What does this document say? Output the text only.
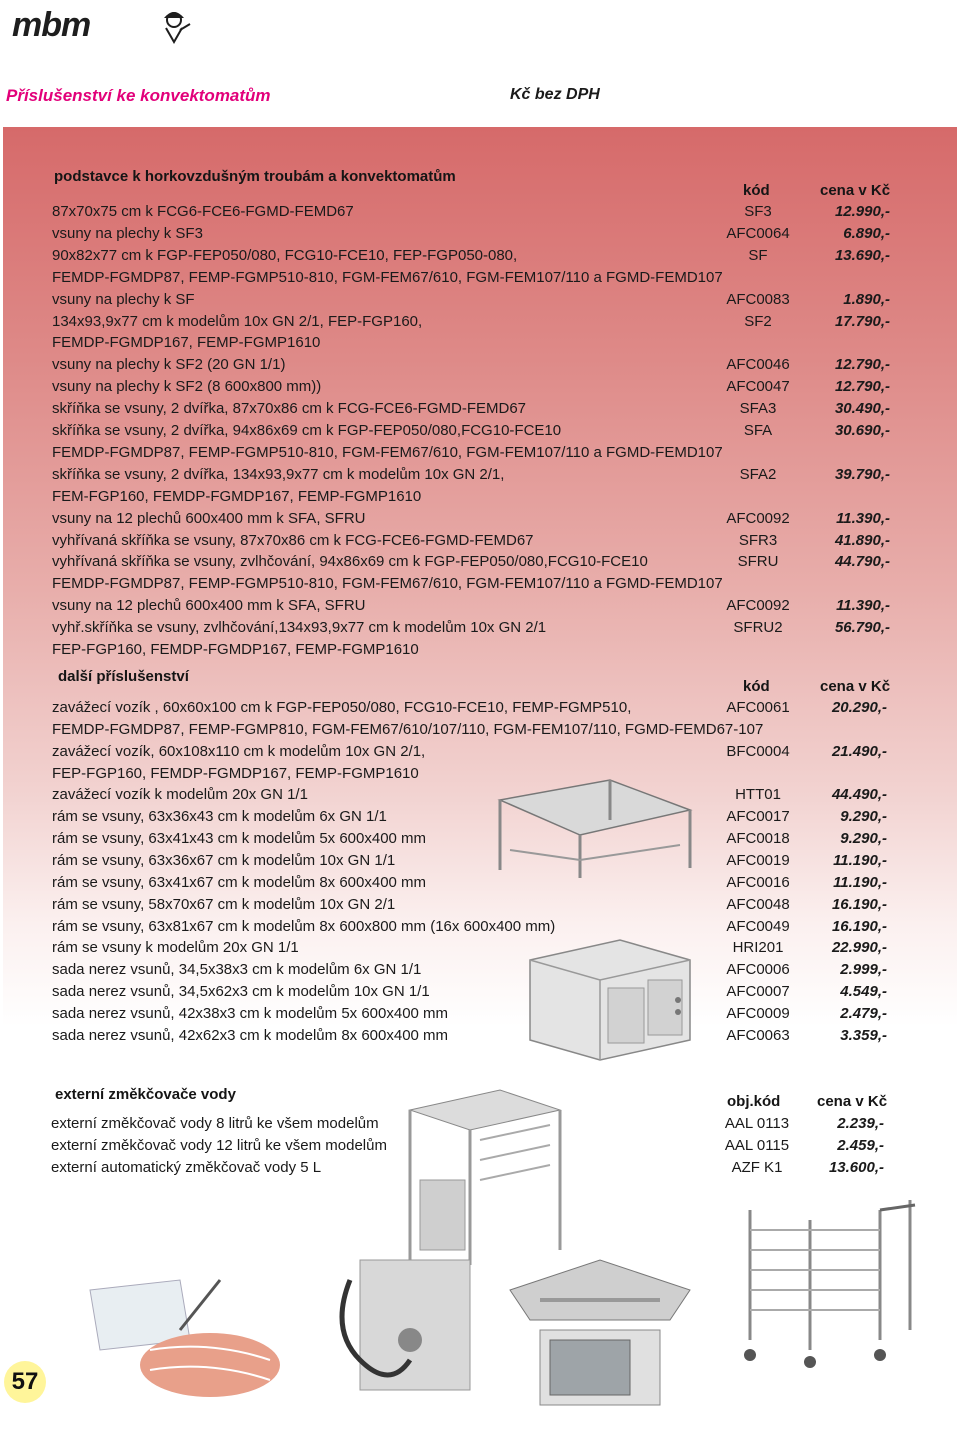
mbm
Příslušenství ke konvektomatům	Kč bez DPH
podstavce k horkovzdušným troubám a konvektomatům
kód	cena v Kč
87x70x75 cm k FCG6-FCE6-FGMD-FEMD67	SF3	12.990,-
vsuny na plechy k SF3	AFC0064	6.890,-
90x82x77 cm k FGP-FEP050/080, FCG10-FCE10, FEP-FGP050-080,	SF	13.690,-
FEMDP-FGMDP87, FEMP-FGMP510-810, FGM-FEM67/610, FGM-FEM107/110 a FGMD-FEMD107
vsuny na plechy k SF	AFC0083	1.890,-
134x93,9x77 cm k modelům 10x GN 2/1, FEP-FGP160,	SF2	17.790,-
FEMDP-FGMDP167, FEMP-FGMP1610
vsuny na plechy k SF2 (20 GN 1/1)	AFC0046	12.790,-
vsuny na plechy k SF2 (8 600x800 mm))	AFC0047	12.790,-
skříňka se vsuny, 2 dvířka, 87x70x86 cm k FCG-FCE6-FGMD-FEMD67	SFA3	30.490,-
skříňka se vsuny, 2 dvířka, 94x86x69 cm k FGP-FEP050/080,FCG10-FCE10	SFA	30.690,-
FEMDP-FGMDP87, FEMP-FGMP510-810, FGM-FEM67/610, FGM-FEM107/110 a FGMD-FEMD107
skříňka se vsuny, 2 dvířka, 134x93,9x77 cm k modelům 10x GN 2/1,	SFA2	39.790,-
FEM-FGP160, FEMDP-FGMDP167, FEMP-FGMP1610
vsuny na 12 plechů 600x400 mm k SFA, SFRU	AFC0092	11.390,-
vyhřívaná skříňka se vsuny, 87x70x86 cm k FCG-FCE6-FGMD-FEMD67	SFR3	41.890,-
vyhřívaná skříňka se vsuny, zvlhčování, 94x86x69 cm k FGP-FEP050/080,FCG10-FCE10	SFRU	44.790,-
FEMDP-FGMDP87, FEMP-FGMP510-810, FGM-FEM67/610, FGM-FEM107/110 a FGMD-FEMD107
vsuny na 12 plechů 600x400 mm k SFA, SFRU	AFC0092	11.390,-
vyhř.skříňka se vsuny, zvlhčování,134x93,9x77 cm k modelům 10x GN 2/1	SFRU2	56.790,-
FEP-FGP160, FEMDP-FGMDP167, FEMP-FGMP1610
další příslušenství
kód	cena v Kč
zavážecí vozík , 60x60x100 cm k FGP-FEP050/080, FCG10-FCE10, FEMP-FGMP510,	AFC0061	20.290,-
FEMDP-FGMDP87, FEMP-FGMP810, FGM-FEM67/610/107/110, FGM-FEM107/110, FGMD-FEMD67-107
zavážecí vozík, 60x108x110 cm k modelům 10x GN 2/1,	BFC0004	21.490,-
FEP-FGP160, FEMDP-FGMDP167, FEMP-FGMP1610
zavážecí vozík k modelům 20x GN 1/1	HTT01	44.490,-
rám se vsuny, 63x36x43 cm k modelům 6x GN 1/1	AFC0017	9.290,-
rám se vsuny, 63x41x43 cm k modelům 5x 600x400 mm	AFC0018	9.290,-
rám se vsuny, 63x36x67 cm k modelům 10x GN 1/1	AFC0019	11.190,-
rám se vsuny, 63x41x67 cm k modelům 8x 600x400 mm	AFC0016	11.190,-
rám se vsuny, 58x70x67 cm k modelům 10x GN 2/1	AFC0048	16.190,-
rám se vsuny, 63x81x67 cm k modelům 8x 600x800 mm (16x 600x400 mm)	AFC0049	16.190,-
rám se vsuny k modelům 20x GN 1/1	HRI201	22.990,-
sada nerez vsunů, 34,5x38x3 cm k modelům 6x GN 1/1	AFC0006	2.999,-
sada nerez vsunů, 34,5x62x3 cm k modelům 10x GN 1/1	AFC0007	4.549,-
sada nerez vsunů, 42x38x3 cm k modelům 5x 600x400 mm	AFC0009	2.479,-
sada nerez vsunů, 42x62x3 cm k modelům 8x 600x400 mm	AFC0063	3.359,-
externí změkčovače vody	obj.kód cena v Kč
externí změkčovač vody 8 litrů ke všem modelům	AAL 0113	2.239,-
externí změkčovač vody 12 litrů ke všem modelům	AAL 0115	2.459,-
externí automatický změkčovač vody 5 L	AZF K1	13.600,-
57
